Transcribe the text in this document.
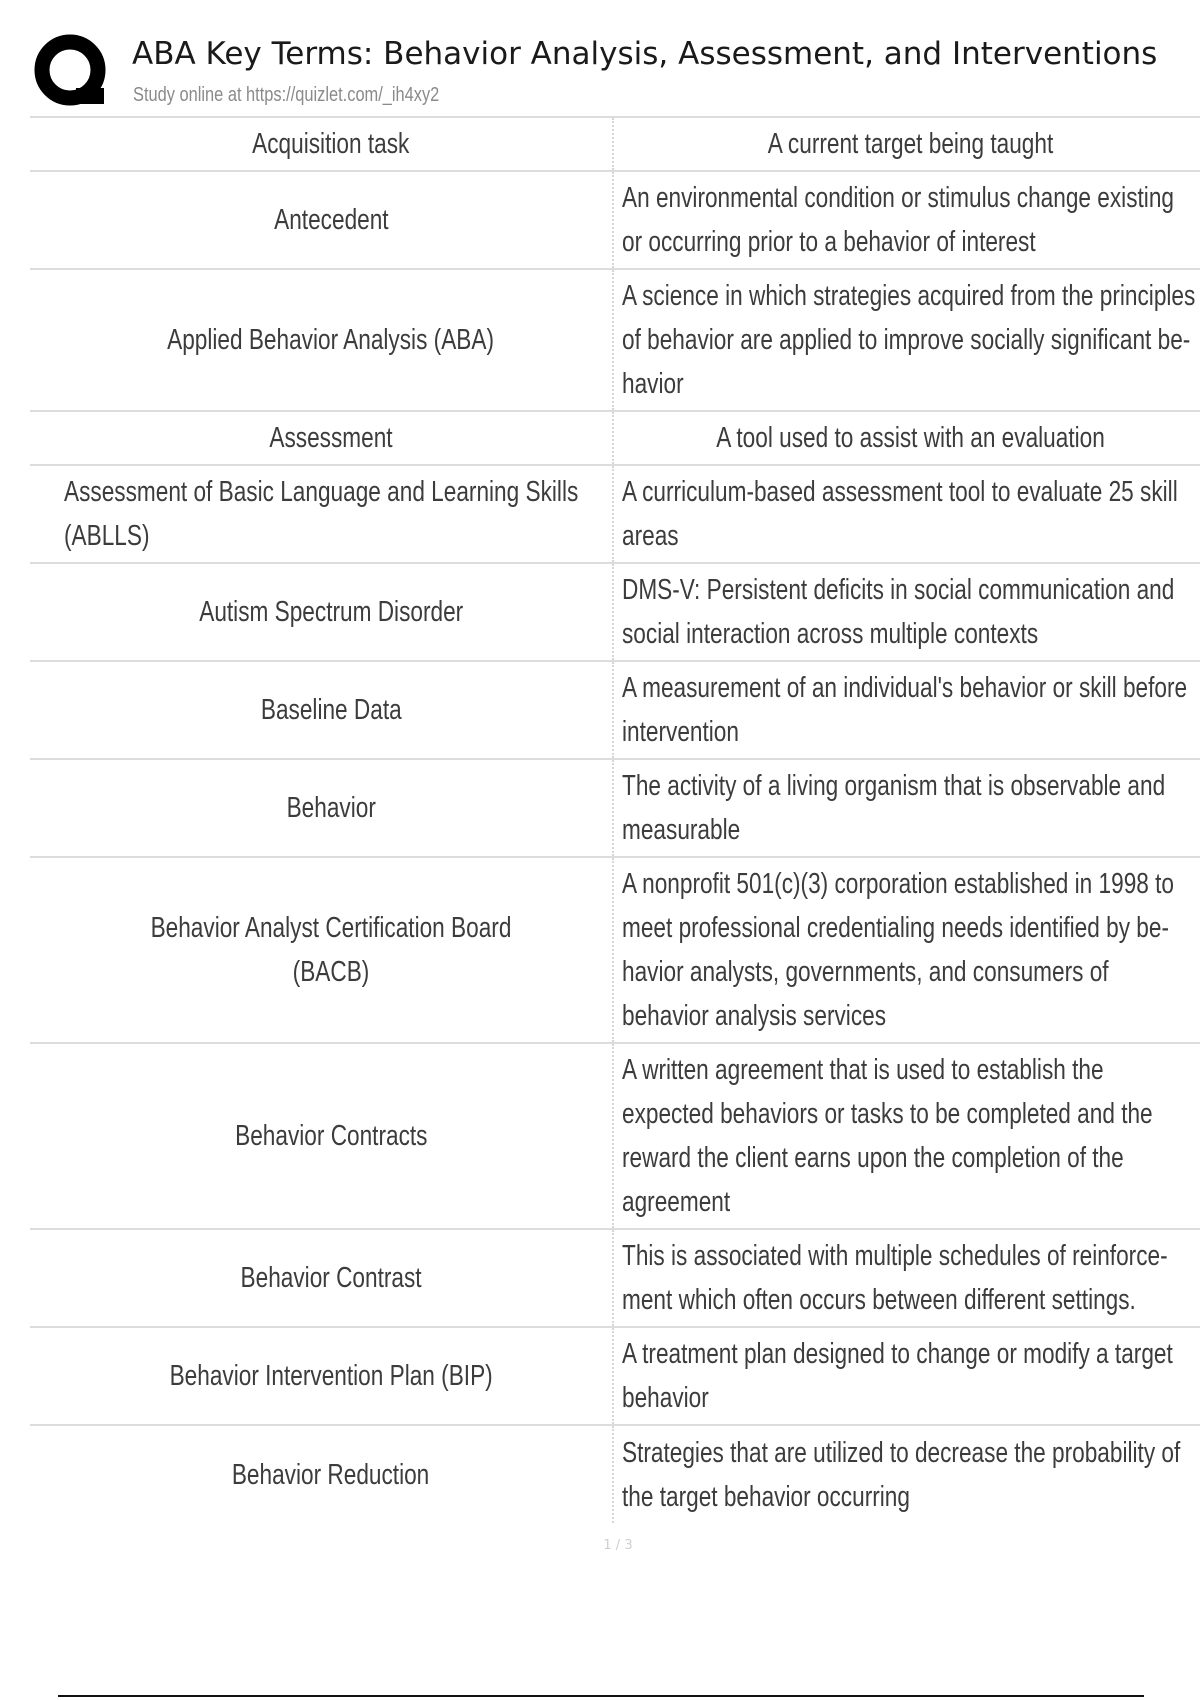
ABA Key Terms: Behavior Analysis, Assessment, and Interventions
Study online at https://quizlet.com/_ih4xy2
Acquisition task	A current target being taught
Antecedent	An environmental condition or stimulus change existing or occurring prior to a behavior of interest
Applied Behavior Analysis (ABA)	A science in which strategies acquired from the principles of behavior are applied to improve socially significant be- havior
Assessment	A tool used to assist with an evaluation
Assessment of Basic Language and Learning Skills (ABLLS)	A curriculum-based assessment tool to evaluate 25 skill areas
Autism Spectrum Disorder	DMS-V: Persistent deficits in social communication and social interaction across multiple contexts
Baseline Data	A measurement of an individual's behavior or skill before intervention
Behavior	The activity of a living organism that is observable and measurable
Behavior Analyst Certification Board (BACB)	A nonprofit 501(c)(3) corporation established in 1998 to meet professional credentialing needs identified by be- havior analysts, governments, and consumers of behavior analysis services
Behavior Contracts	A written agreement that is used to establish the expected behaviors or tasks to be completed and the reward the client earns upon the completion of the agreement
Behavior Contrast	This is associated with multiple schedules of reinforce- ment which often occurs between different settings.
Behavior Intervention Plan (BIP)	A treatment plan designed to change or modify a target behavior
Behavior Reduction	Strategies that are utilized to decrease the probability of the target behavior occurring
1 / 3
